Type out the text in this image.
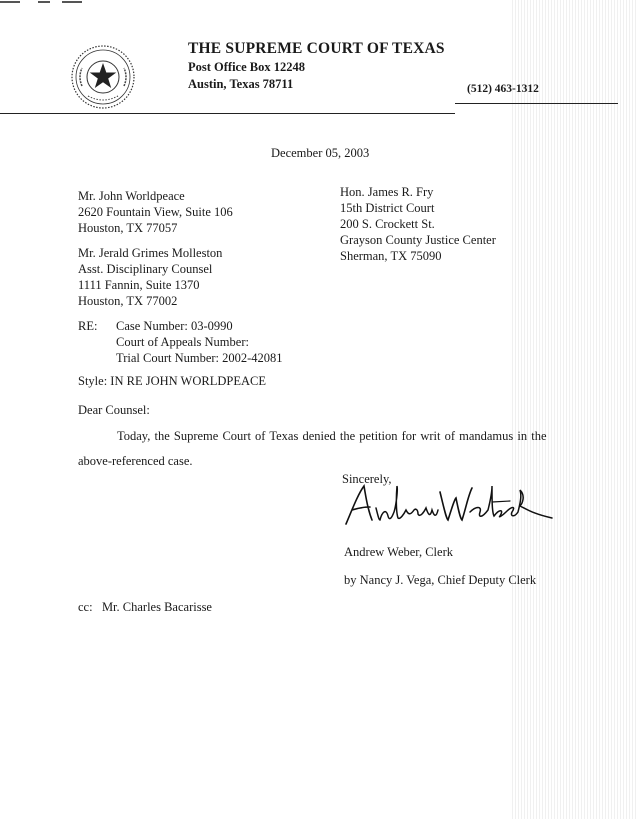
THE SUPREME COURT OF TEXAS
Post Office Box 12248
Austin, Texas 78711	(512) 463-1312
December 05, 2003
Mr. John Worldpeace
2620 Fountain View, Suite 106
Houston, TX 77057
Mr. Jerald Grimes Molleston
Asst. Disciplinary Counsel
1111 Fannin, Suite 1370
Houston, TX 77002
Hon. James R. Fry
15th District Court
200 S. Crockett St.
Grayson County Justice Center
Sherman, TX 75090
RE: Case Number: 03-0990
Court of Appeals Number:
Trial Court Number: 2002-42081
Style: IN RE JOHN WORLDPEACE
Dear Counsel:
Today, the Supreme Court of Texas denied the petition for writ of mandamus in the
above-referenced case.
Sincerely,
Andrew Weber, Clerk
by Nancy J. Vega, Chief Deputy Clerk
cc:   Mr. Charles Bacarisse
